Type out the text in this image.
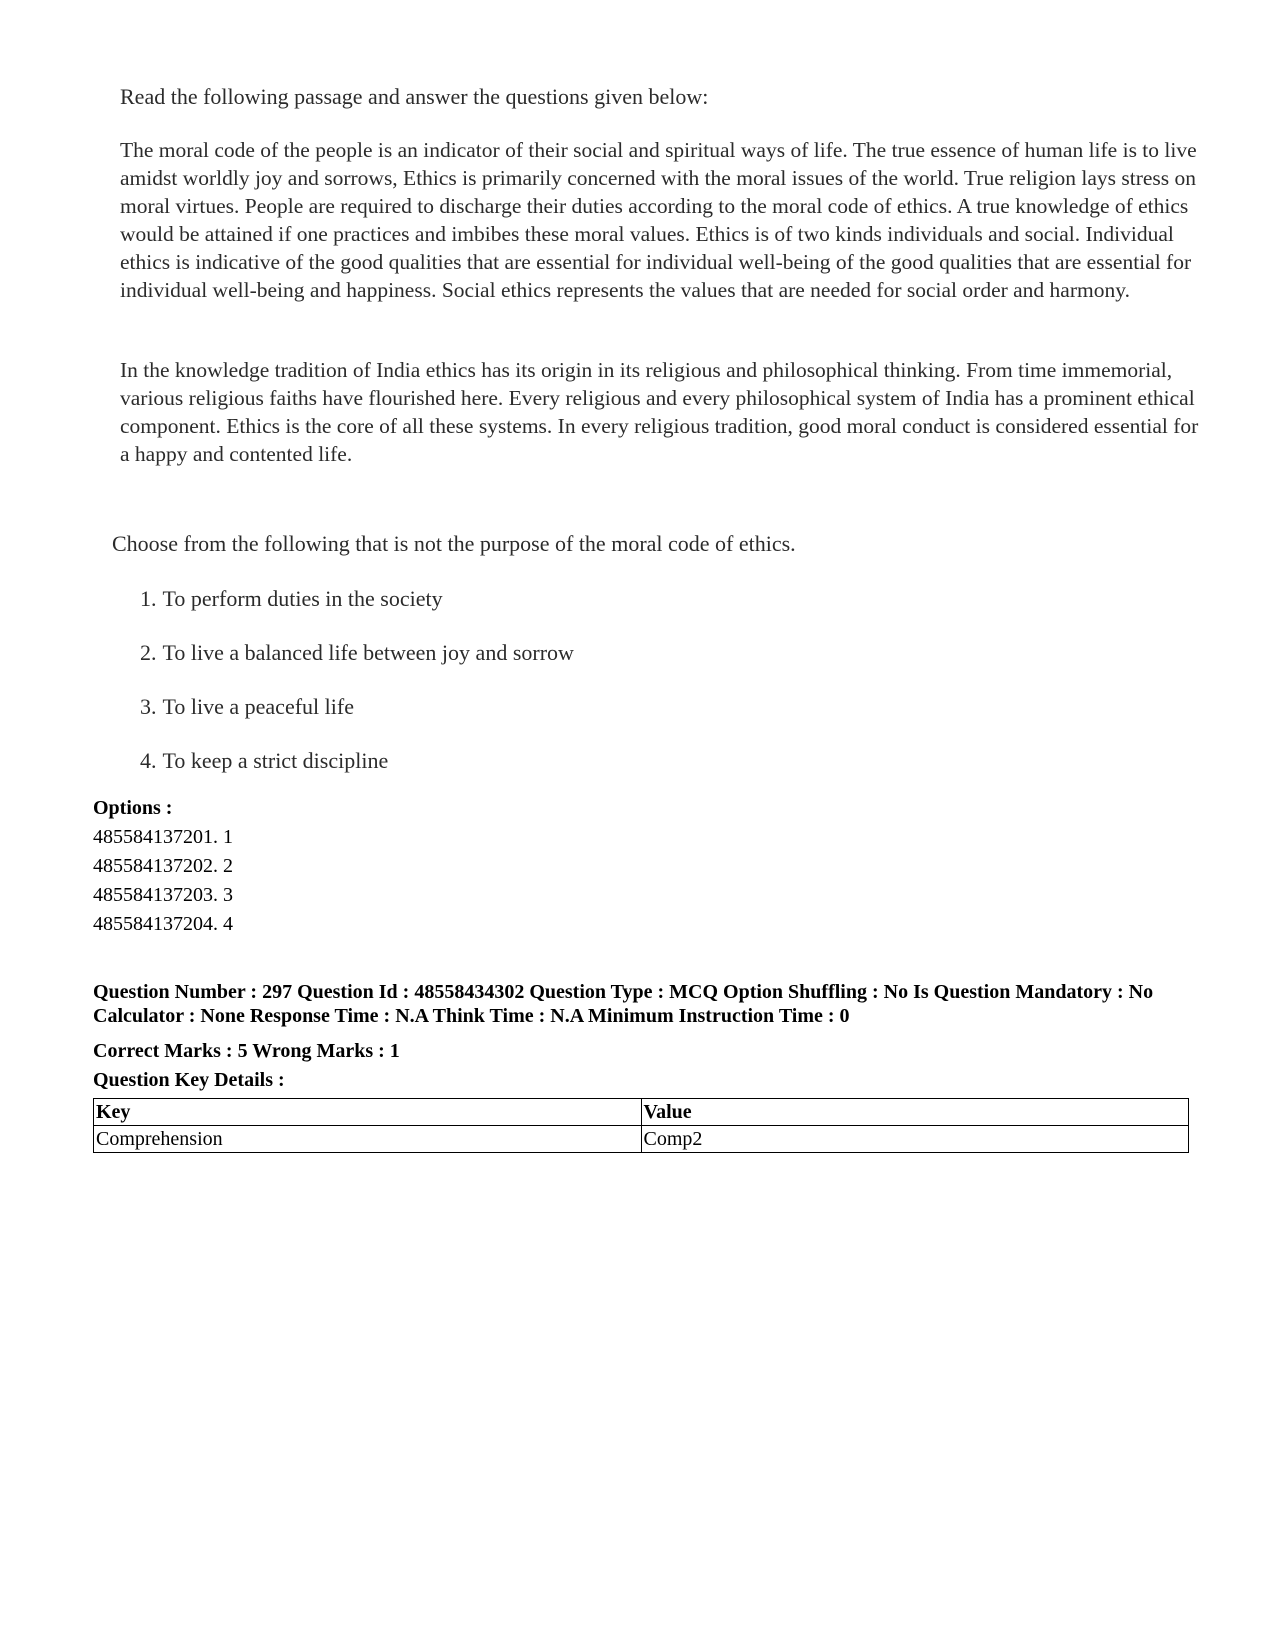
Read the following passage and answer the questions given below:

The moral code of the people is an indicator of their social and spiritual ways of life. The true essence of human life is to live amidst worldly joy and sorrows, Ethics is primarily concerned with the moral issues of the world. True religion lays stress on moral virtues. People are required to discharge their duties according to the moral code of ethics. A true knowledge of ethics would be attained if one practices and imbibes these moral values. Ethics is of two kinds individuals and social. Individual ethics is indicative of the good qualities that are essential for individual well-being of the good qualities that are essential for individual well-being and happiness. Social ethics represents the values that are needed for social order and harmony.

In the knowledge tradition of India ethics has its origin in its religious and philosophical thinking. From time immemorial, various religious faiths have flourished here. Every religious and every philosophical system of India has a prominent ethical component. Ethics is the core of all these systems. In every religious tradition, good moral conduct is considered essential for a happy and contented life.

Choose from the following that is not the purpose of the moral code of ethics.
1. To perform duties in the society
2. To live a balanced life between joy and sorrow
3. To live a peaceful life
4. To keep a strict discipline
Options :
485584137201. 1
485584137202. 2
485584137203. 3
485584137204. 4
Question Number : 297 Question Id : 48558434302 Question Type : MCQ Option Shuffling : No Is Question Mandatory : No Calculator : None Response Time : N.A Think Time : N.A Minimum Instruction Time : 0
Correct Marks : 5 Wrong Marks : 1
Question Key Details :
Key	Value
Comprehension	Comp2
